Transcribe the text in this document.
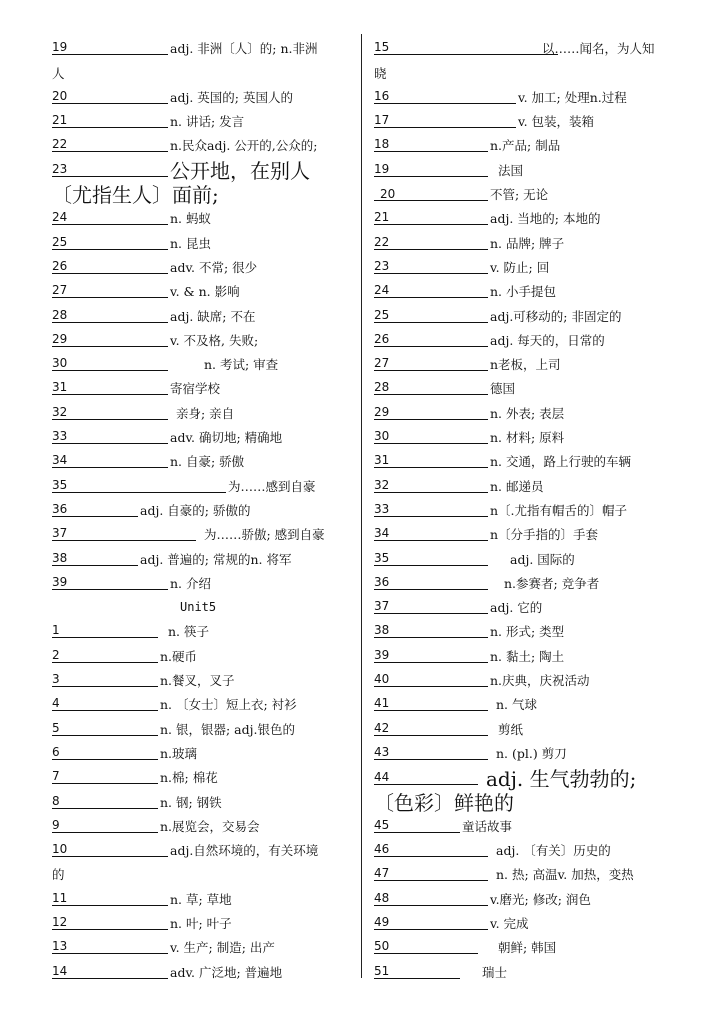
19	adj. 非洲〔人〕的; n.非洲
人
20	adj. 英国的; 英国人的
21	n. 讲话; 发言
22	n.民众adj. 公开的,公众的;
23	公开地，在别人
〔尤指生人〕面前;
24	n. 蚂蚁
25	n. 昆虫
26	adv. 不常; 很少
27	v. & n. 影响
28	adj. 缺席; 不在
29	v. 不及格, 失败;
30	n. 考试; 审查
31	寄宿学校
32	亲身; 亲自
33	adv. 确切地; 精确地
34	n. 自豪; 骄傲
35	为……感到自豪
36	adj. 自豪的; 骄傲的
37	为……骄傲; 感到自豪
38	adj. 普遍的; 常规的n. 将军
39	n. 介绍
Unit5
1	n. 筷子
2	n.硬币
3	n.餐叉，叉子
4	n. 〔女士〕短上衣; 衬衫
5	n. 银，银器; adj.银色的
6	n.玻璃
7	n.棉; 棉花
8	n. 钢; 钢铁
9	n.展览会，交易会
10	adj.自然环境的，有关环境
的
11	n. 草; 草地
12	n. 叶; 叶子
13	v. 生产; 制造; 出产
14	adv. 广泛地; 普遍地
15	以……闻名，为人知
晓
16	v. 加工; 处理n.过程
17	v. 包装，装箱
18	n.产品; 制品
19	法国
20	不管; 无论
21	adj. 当地的; 本地的
22	n. 品牌; 牌子
23	v. 防止; 回
24	n. 小手提包
25	adj.可移动的; 非固定的
26	adj. 每天的，日常的
27	n老板，上司
28	德国
29	n. 外表; 表层
30	n. 材料; 原料
31	n. 交通，路上行驶的车辆
32	n. 邮递员
33	n〔.尤指有帽舌的〕帽子
34	n〔分手指的〕手套
35	adj. 国际的
36	n.参赛者; 竞争者
37	adj. 它的
38	n. 形式; 类型
39	n. 黏土; 陶土
40	n.庆典，庆祝活动
41	n. 气球
42	剪纸
43	n. (pl.) 剪刀
44	adj. 生气勃勃的;
〔色彩〕鲜艳的
45	童话故事
46	adj. 〔有关〕历史的
47	n. 热; 高温v. 加热，变热
48	v.磨光; 修改; 润色
49	v. 完成
50	朝鲜; 韩国
51	瑞士
